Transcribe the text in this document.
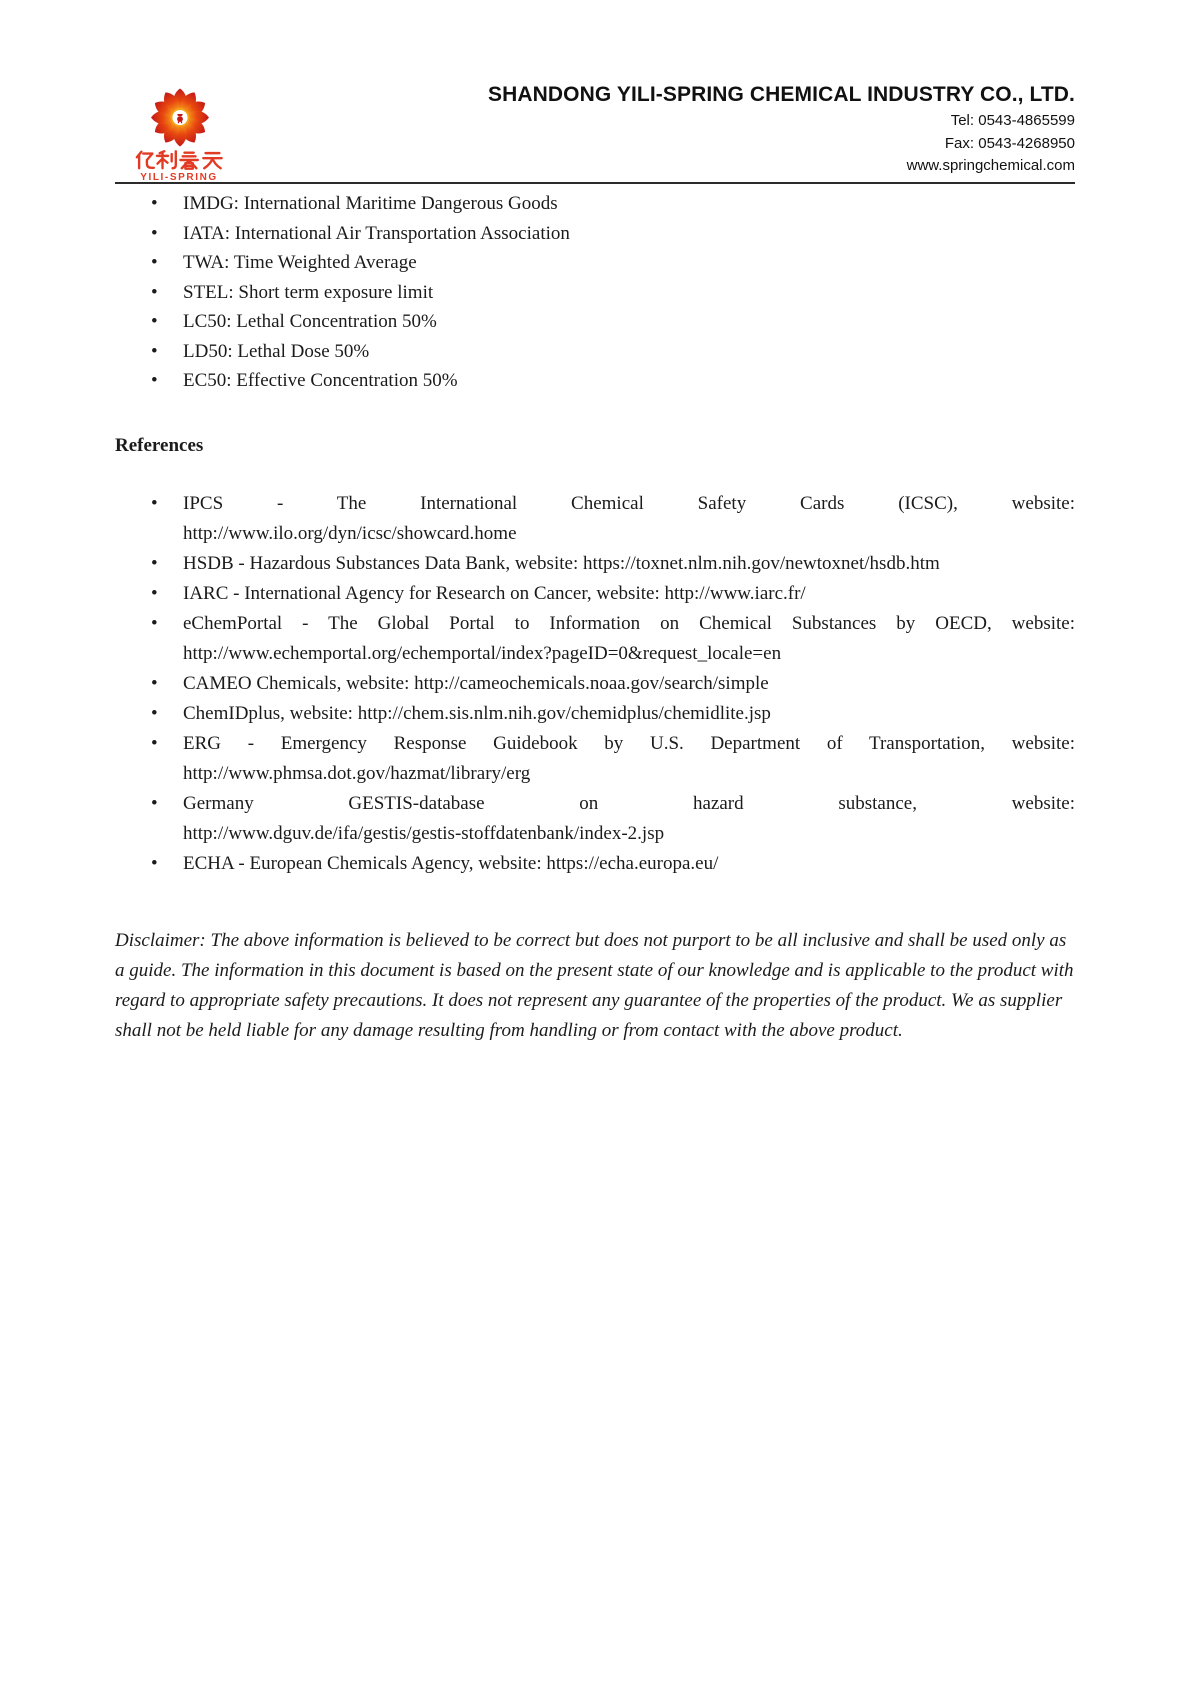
YILI-SPRING
SHANDONG YILI-SPRING CHEMICAL INDUSTRY CO., LTD.
Tel: 0543-4865599
Fax: 0543-4268950
www.springchemical.com
• IMDG: International Maritime Dangerous Goods
• IATA: International Air Transportation Association
• TWA: Time Weighted Average
• STEL: Short term exposure limit
• LC50: Lethal Concentration 50%
• LD50: Lethal Dose 50%
• EC50: Effective Concentration 50%
References
• IPCS - The International Chemical Safety Cards (ICSC), website:
http://www.ilo.org/dyn/icsc/showcard.home
• HSDB - Hazardous Substances Data Bank, website: https://toxnet.nlm.nih.gov/newtoxnet/hsdb.htm
• IARC - International Agency for Research on Cancer, website: http://www.iarc.fr/
• eChemPortal - The Global Portal to Information on Chemical Substances by OECD, website:
http://www.echemportal.org/echemportal/index?pageID=0&request_locale=en
• CAMEO Chemicals, website: http://cameochemicals.noaa.gov/search/simple
• ChemIDplus, website: http://chem.sis.nlm.nih.gov/chemidplus/chemidlite.jsp
• ERG - Emergency Response Guidebook by U.S. Department of Transportation, website:
http://www.phmsa.dot.gov/hazmat/library/erg
• Germany GESTIS-database on hazard substance, website:
http://www.dguv.de/ifa/gestis/gestis-stoffdatenbank/index-2.jsp
• ECHA - European Chemicals Agency, website: https://echa.europa.eu/

Disclaimer: The above information is believed to be correct but does not purport to be all inclusive and shall be used only as a guide. The information in this document is based on the present state of our knowledge and is applicable to the product with regard to appropriate safety precautions. It does not represent any guarantee of the properties of the product. We as supplier shall not be held liable for any damage resulting from handling or from contact with the above product.
